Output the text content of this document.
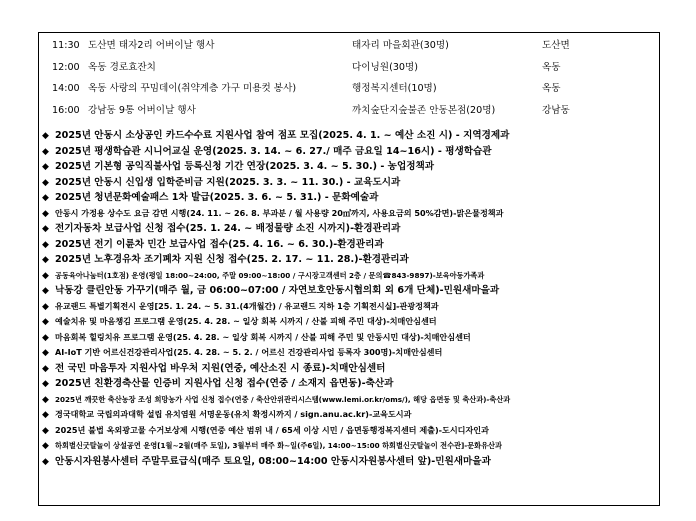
11:30 도산면 태자2리 어버이날 행사	태자리 마을회관(30명)	도산면
12:00 옥동 경로효잔치	다이닝원(30명)	옥동
14:00 옥동 사랑의 꾸밈데이(취약계층 가구 미용컷 봉사)	행정복지센터(10명)	옥동
16:00 강남동 9통 어버이날 행사	까치숲단지숲불존 안동본점(20명)	강남동
◆ 2025년 안동시 소상공인 카드수수료 지원사업 참여 점포 모집(2025. 4. 1. ~ 예산 소진 시) - 지역경제과
◆ 2025년 평생학습관 시니어교실 운영(2025. 3. 14. ~ 6. 27./ 매주 금요일 14~16시) - 평생학습관
◆ 2025년 기본형 공익직불사업 등록신청 기간 연장(2025. 3. 4. ~ 5. 30.) - 농업정책과
◆ 2025년 안동시 신입생 입학준비금 지원(2025. 3. 3. ~ 11. 30.) - 교육도시과
◆ 2025년 청년문화예술패스 1차 발급(2025. 3. 6. ~ 5. 31.) - 문화예술과
◆ 안동시 가정용 상수도 요금 감면 시행(24. 11. ~ 26. 8. 부과분 / 월 사용량 20㎥까지, 사용요금의 50%감면)-맑은물정책과
◆ 전기자동차 보급사업 신청 접수(25. 1. 24. ~ 배정물량 소진 시까지)-환경관리과
◆ 2025년 전기 이륜차 민간 보급사업 접수(25. 4. 16. ~ 6. 30.)-환경관리과
◆ 2025년 노후경유차 조기폐차 지원 신청 접수(25. 2. 17. ~ 11. 28.)-환경관리과
◆ 공동육아나눔터(1호점) 운영(평일 18:00~24:00, 주말 09:00~18:00 / 구시장고객센터 2층 / 문의☎843-9897)-보육아동가족과
◆ 낙동강 클린안동 가꾸기(매주 월, 금 06:00~07:00 / 자연보호안동시협의회 외 6개 단체)-민원새마을과
◆ 유교랜드 특별기획전시 운영[25. 1. 24. ~ 5. 31.(4개월간) / 유교랜드 지하 1층 기획전시실]-관광정책과
◆ 예술치유 및 마음챙김 프로그램 운영(25. 4. 28. ~ 일상 회복 시까지 / 산불 피해 주민 대상)-치매안심센터
◆ 마음회복 힐링치유 프로그램 운영(25. 4. 28. ~ 일상 회복 시까지 / 산불 피해 주민 및 안동시민 대상)-치매안심센터
◆ AI-IoT 기반 어르신건강관리사업(25. 4. 28. ~ 5. 2. / 어르신 건강관리사업 등록자 300명)-치매안심센터
◆ 전 국민 마음투자 지원사업 바우처 지원(연중, 예산소진 시 종료)-치매안심센터
◆ 2025년 친환경축산물 인증비 지원사업 신청 접수(연중 / 소재지 읍면동)-축산과
◆ 2025년 깨끗한 축산농장 조성 희망농가 사업 신청 접수(연중 / 축산안위관리시스템(www.lemi.or.kr/oms/), 해당 읍면동 및 축산과)-축산과
◆ 경국대학교 국립의과대학 설립 유치염원 서명운동(유치 확정시까지 / sign.anu.ac.kr)-교육도시과
◆ 2025년 불법 옥외광고물 수거보상제 시행(연중 예산 범위 내 / 65세 이상 시민 / 읍면동행정복지센터 제출)-도시디자인과
◆ 하회별신굿탈놀이 상설공연 운영[1월~2월(매주 토일), 3월부터 매주 화~일(주6일), 14:00~15:00 하회별신굿탈놀이 전수관]-문화유산과
◆ 안동시자원봉사센터 주말무료급식(매주 토요일, 08:00~14:00 안동시자원봉사센터 앞)-민원새마을과
